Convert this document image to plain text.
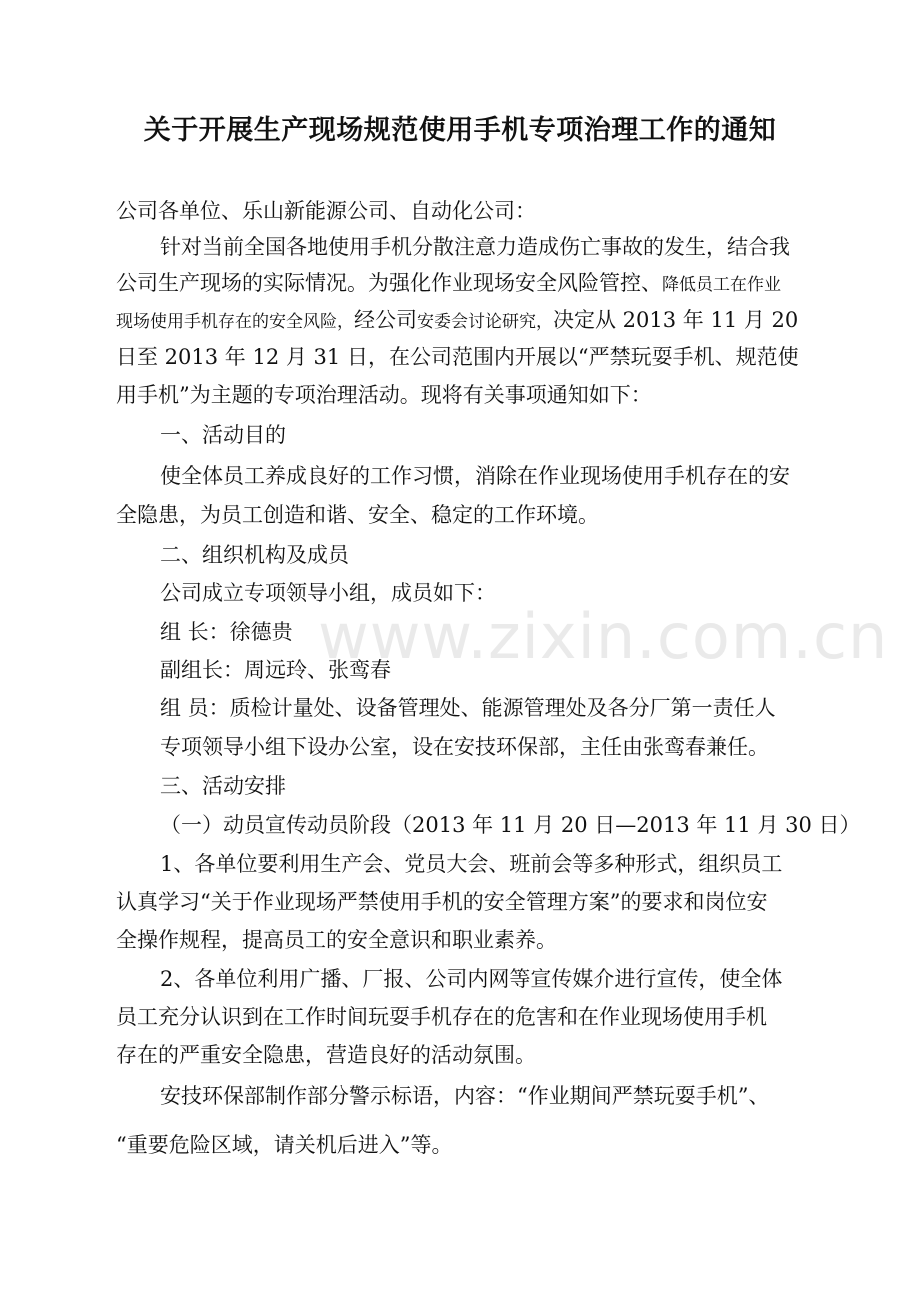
关于开展生产现场规范使用手机专项治理工作的通知
公司各单位、乐山新能源公司、自动化公司：
针对当前全国各地使用手机分散注意力造成伤亡事故的发生，结合我
公司生产现场的实际情况。为强化作业现场安全风险管控、降低员工在作业
现场使用手机存在的安全风险，经公司安委会讨论研究，决定从 2013 年 11 月 20
日至 2013 年 12 月 31 日，在公司范围内开展以“严禁玩耍手机、规范使
用手机”为主题的专项治理活动。现将有关事项通知如下：
一、活动目的
使全体员工养成良好的工作习惯，消除在作业现场使用手机存在的安
全隐患，为员工创造和谐、安全、稳定的工作环境。
二、组织机构及成员
公司成立专项领导小组，成员如下：
组 长：徐德贵
副组长：周远玲、张鸾春
组 员：质检计量处、设备管理处、能源管理处及各分厂第一责任人
专项领导小组下设办公室，设在安技环保部，主任由张鸾春兼任。
三、活动安排
（一）动员宣传动员阶段（2013 年 11 月 20 日—2013 年 11 月 30 日）
1、各单位要利用生产会、党员大会、班前会等多种形式，组织员工
认真学习“关于作业现场严禁使用手机的安全管理方案”的要求和岗位安
全操作规程，提高员工的安全意识和职业素养。
2、各单位利用广播、厂报、公司内网等宣传媒介进行宣传，使全体
员工充分认识到在工作时间玩耍手机存在的危害和在作业现场使用手机
存在的严重安全隐患，营造良好的活动氛围。
安技环保部制作部分警示标语，内容：“作业期间严禁玩耍手机”、
“重要危险区域，请关机后进入”等。
www.zixin.com.cn
